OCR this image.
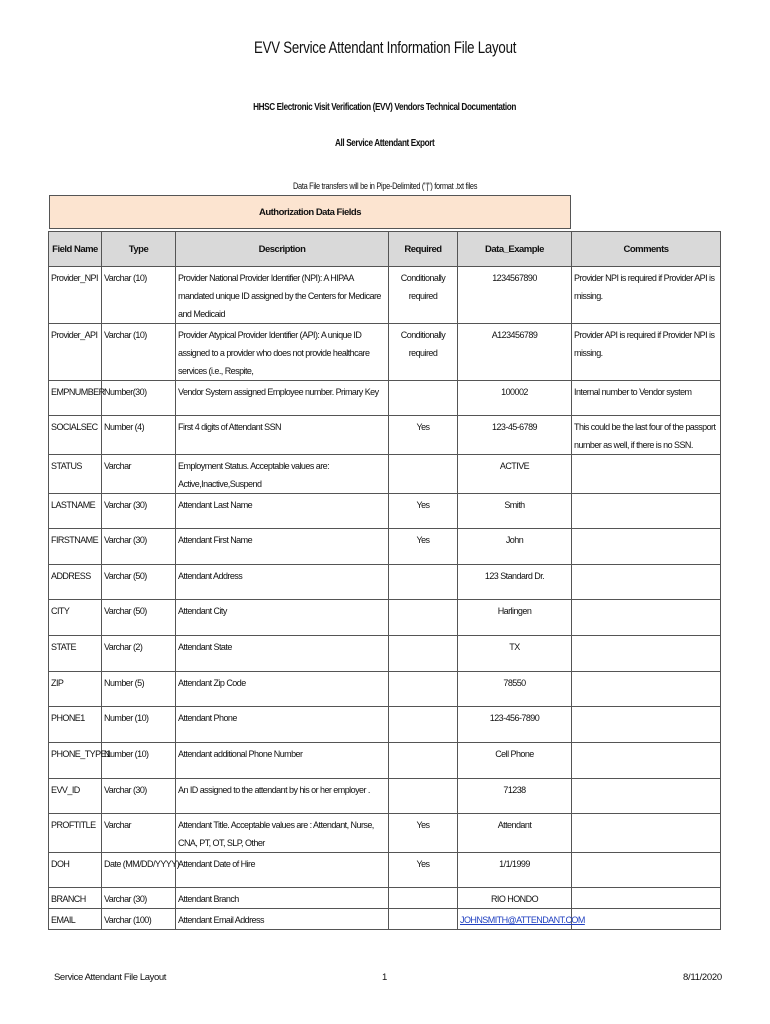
EVV Service Attendant Information File Layout
HHSC Electronic Visit Verification (EVV) Vendors Technical Documentation
All Service Attendant Export
Data File transfers will be in Pipe-Delimited ("|") format .txt files
Authorization Data Fields
Field Name	Type	Description	Required	Data_Example	Comments
Provider_NPI	Varchar (10)	Provider National Provider Identifier (NPI): A HIPAA mandated unique ID assigned by the Centers for Medicare and Medicaid	Conditionally required	1234567890	Provider NPI is required if Provider API is missing.
Provider_API	Varchar (10)	Provider Atypical Provider Identifier (API): A unique ID assigned to a provider who does not provide healthcare services (i.e., Respite,	Conditionally required	A123456789	Provider API is required if Provider NPI is missing.
EMPNUMBER	Number(30)	Vendor System assigned Employee number. Primary Key		100002	Internal number to Vendor system
SOCIALSEC	Number (4)	First 4 digits of Attendant SSN	Yes	123-45-6789	This could be the last four of the passport number as well, if there is no SSN.
STATUS	Varchar	Employment Status. Acceptable values are: Active,Inactive,Suspend		ACTIVE	
LASTNAME	Varchar (30)	Attendant Last Name	Yes	Smith	
FIRSTNAME	Varchar (30)	Attendant First Name	Yes	John	
ADDRESS	Varchar (50)	Attendant Address		123 Standard Dr.	
CITY	Varchar (50)	Attendant City		Harlingen	
STATE	Varchar (2)	Attendant State		TX	
ZIP	Number (5)	Attendant Zip Code		78550	
PHONE1	Number (10)	Attendant Phone		123-456-7890	
PHONE_TYPE1	Number (10)	Attendant additional Phone Number		Cell Phone	
EVV_ID	Varchar (30)	An ID assigned to the attendant by his or her employer .		71238	
PROFTITLE	Varchar	Attendant Title. Acceptable values are : Attendant, Nurse, CNA, PT, OT, SLP, Other	Yes	Attendant	
DOH	Date (MM/DD/YYYY)	Attendant Date of Hire	Yes	1/1/1999	
BRANCH	Varchar (30)	Attendant Branch		RIO HONDO	
EMAIL	Varchar (100)	Attendant Email Address		JOHNSMITH@ATTENDANT.COM	
Service Attendant File Layout	1	8/11/2020
